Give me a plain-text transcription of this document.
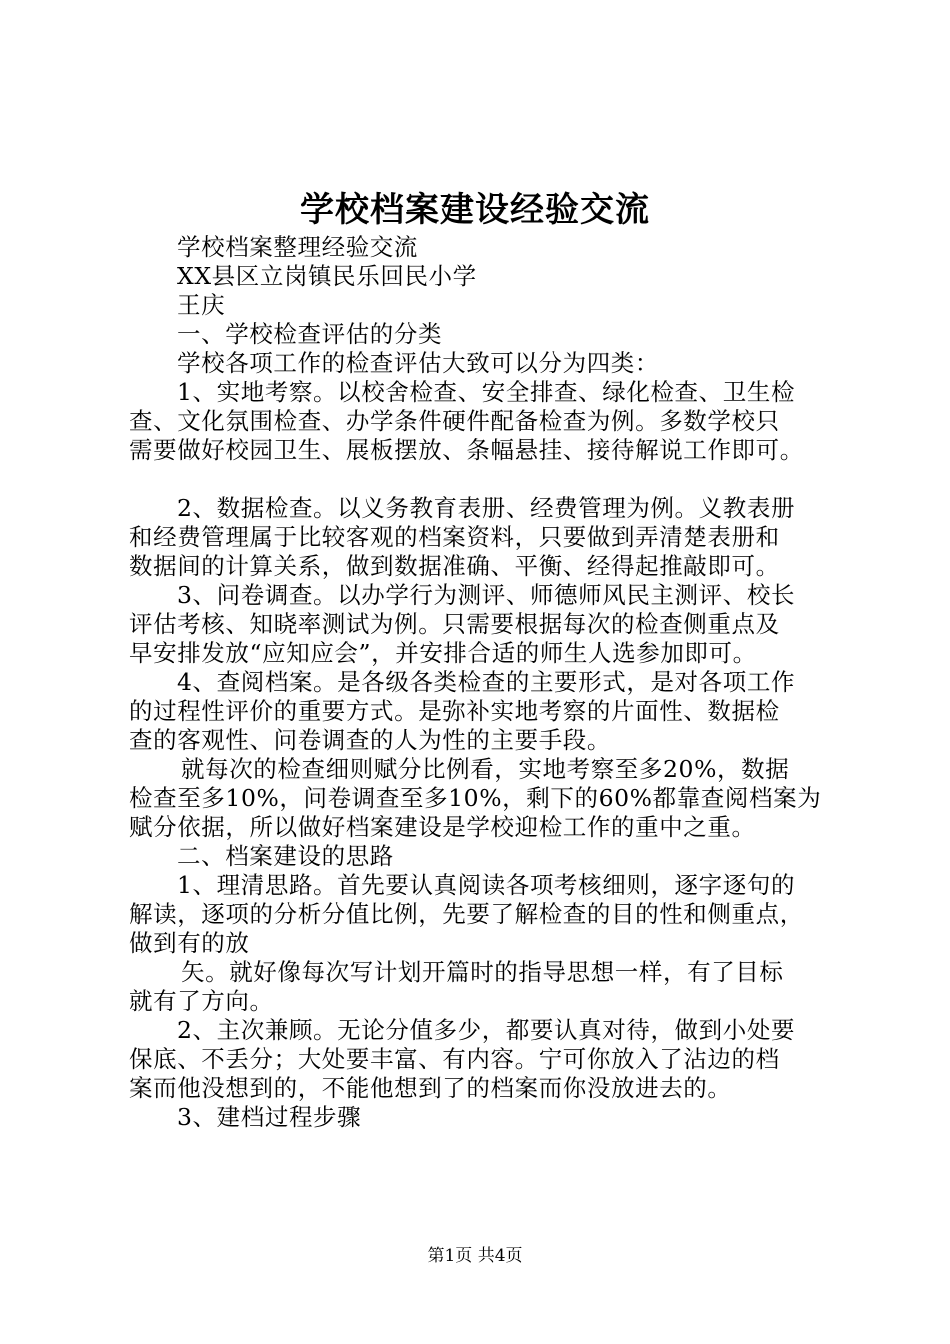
学校档案建设经验交流
学校档案整理经验交流
XX县区立岗镇民乐回民小学
王庆
一、学校检查评估的分类
学校各项工作的检查评估大致可以分为四类：
1、实地考察。以校舍检查、安全排查、绿化检查、卫生检
查、文化氛围检查、办学条件硬件配备检查为例。多数学校只
需要做好校园卫生、展板摆放、条幅悬挂、接待解说工作即可。
2、数据检查。以义务教育表册、经费管理为例。义教表册
和经费管理属于比较客观的档案资料，只要做到弄清楚表册和
数据间的计算关系，做到数据准确、平衡、经得起推敲即可。
3、问卷调查。以办学行为测评、师德师风民主测评、校长
评估考核、知晓率测试为例。只需要根据每次的检查侧重点及
早安排发放“应知应会”，并安排合适的师生人选参加即可。
4、查阅档案。是各级各类检查的主要形式，是对各项工作
的过程性评价的重要方式。是弥补实地考察的片面性、数据检
查的客观性、问卷调查的人为性的主要手段。
就每次的检查细则赋分比例看，实地考察至多20%，数据
检查至多10%，问卷调查至多10%，剩下的60%都靠查阅档案为
赋分依据，所以做好档案建设是学校迎检工作的重中之重。
二、档案建设的思路
1、理清思路。首先要认真阅读各项考核细则，逐字逐句的
解读，逐项的分析分值比例，先要了解检查的目的性和侧重点，
做到有的放
矢。就好像每次写计划开篇时的指导思想一样，有了目标
就有了方向。
2、主次兼顾。无论分值多少，都要认真对待，做到小处要
保底、不丢分；大处要丰富、有内容。宁可你放入了沾边的档
案而他没想到的，不能他想到了的档案而你没放进去的。
3、建档过程步骤
第1页 共4页
